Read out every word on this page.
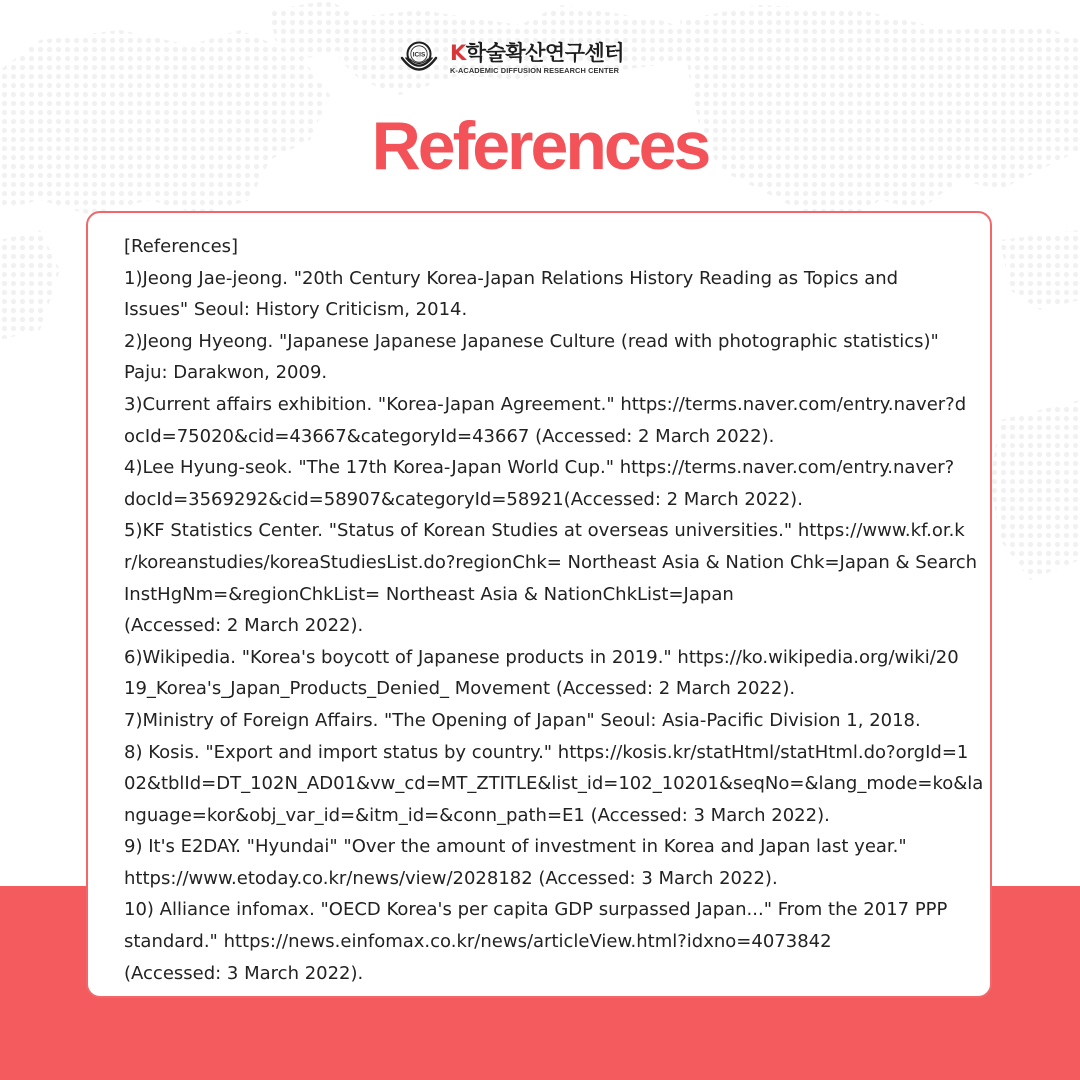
ICIS K학술확산연구센터
K-ACADEMIC DIFFUSION RESEARCH CENTER
References
[References]
1)Jeong Jae-jeong. "20th Century Korea-Japan Relations History Reading as Topics and
Issues" Seoul: History Criticism, 2014.
2)Jeong Hyeong. "Japanese Japanese Japanese Culture (read with photographic statistics)"
Paju: Darakwon, 2009.
3)Current affairs exhibition. "Korea-Japan Agreement." https://terms.naver.com/entry.naver?d
ocId=75020&cid=43667&categoryId=43667 (Accessed: 2 March 2022).
4)Lee Hyung-seok. "The 17th Korea-Japan World Cup." https://terms.naver.com/entry.naver?
docId=3569292&cid=58907&categoryId=58921(Accessed: 2 March 2022).
5)KF Statistics Center. "Status of Korean Studies at overseas universities." https://www.kf.or.k
r/koreanstudies/koreaStudiesList.do?regionChk= Northeast Asia & Nation Chk=Japan & Search
InstHgNm=&regionChkList= Northeast Asia & NationChkList=Japan
(Accessed: 2 March 2022).
6)Wikipedia. "Korea's boycott of Japanese products in 2019." https://ko.wikipedia.org/wiki/20
19_Korea's_Japan_Products_Denied_ Movement (Accessed: 2 March 2022).
7)Ministry of Foreign Affairs. "The Opening of Japan" Seoul: Asia-Pacific Division 1, 2018.
8) Kosis. "Export and import status by country." https://kosis.kr/statHtml/statHtml.do?orgId=1
02&tblId=DT_102N_AD01&vw_cd=MT_ZTITLE&list_id=102_10201&seqNo=&lang_mode=ko&la
nguage=kor&obj_var_id=&itm_id=&conn_path=E1 (Accessed: 3 March 2022).
9) It's E2DAY. "Hyundai" "Over the amount of investment in Korea and Japan last year."
https://www.etoday.co.kr/news/view/2028182 (Accessed: 3 March 2022).
10) Alliance infomax. "OECD Korea's per capita GDP surpassed Japan..." From the 2017 PPP
standard." https://news.einfomax.co.kr/news/articleView.html?idxno=4073842
(Accessed: 3 March 2022).
